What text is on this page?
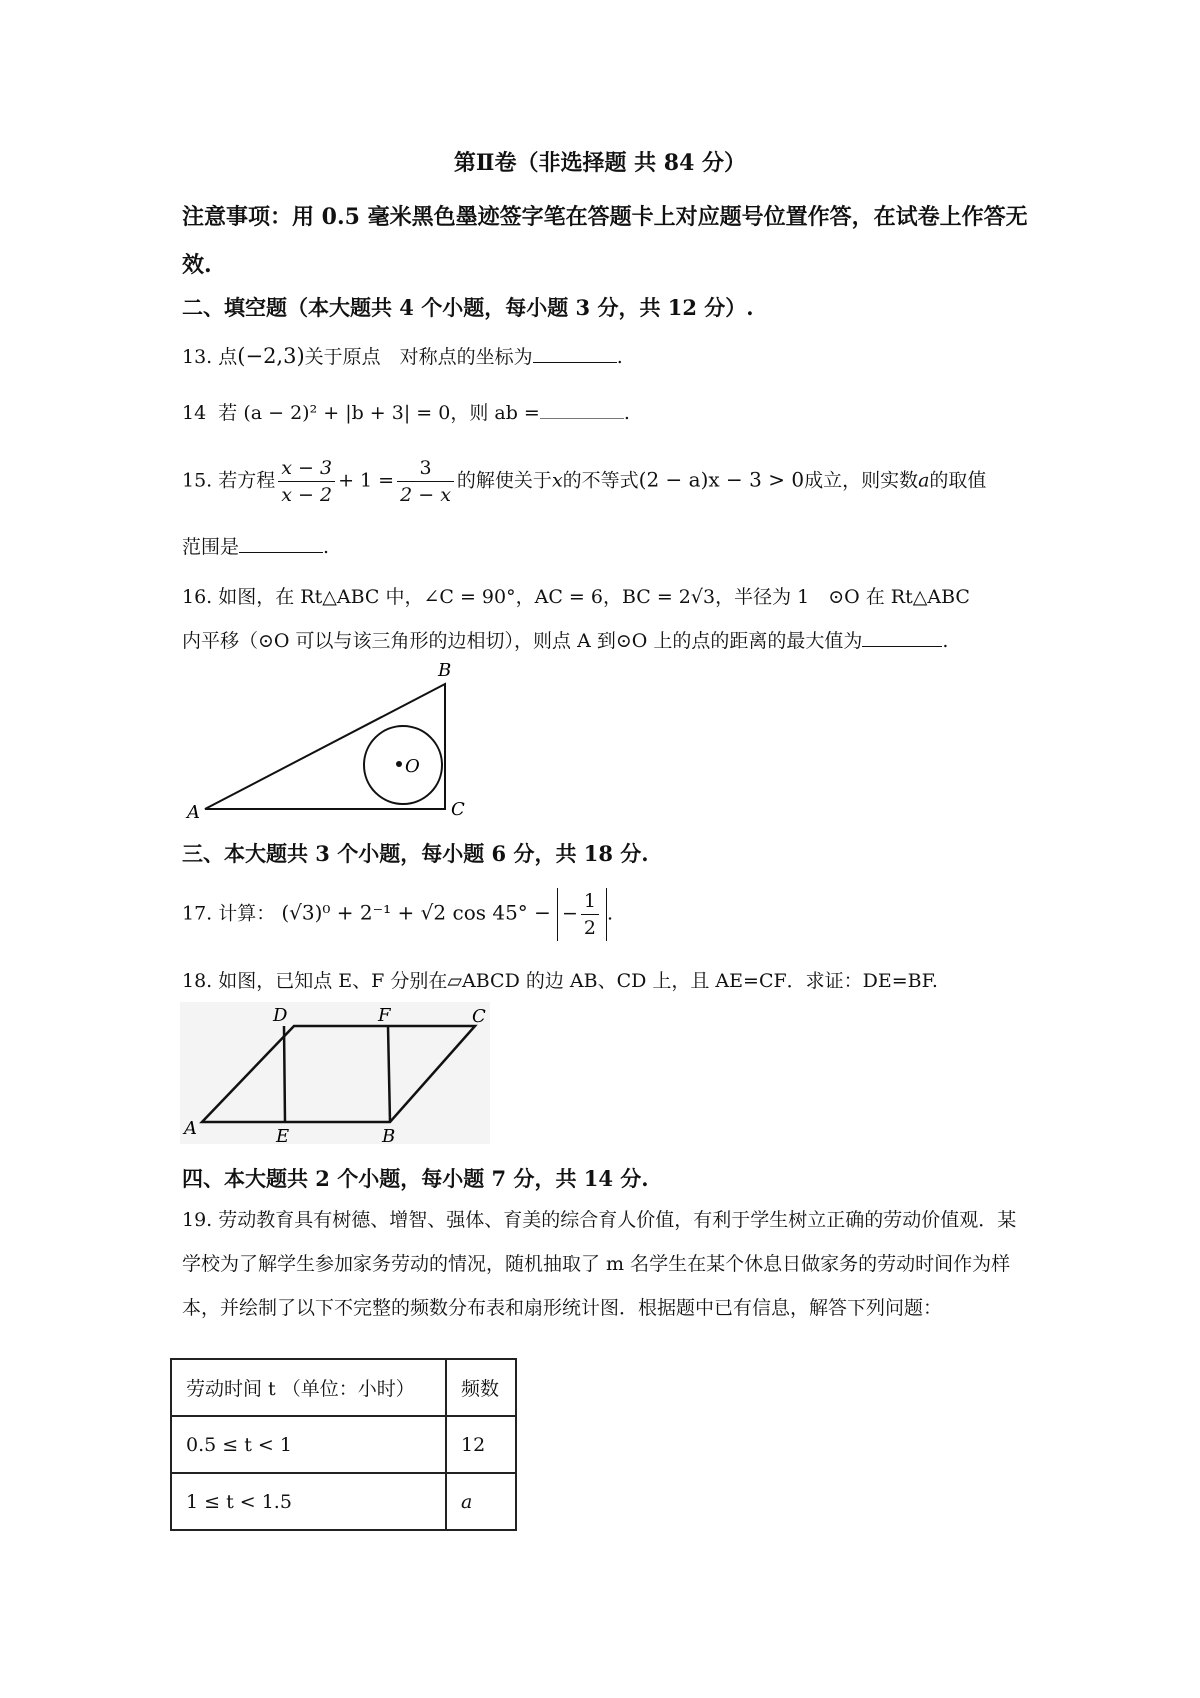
第Ⅱ卷（非选择题 共 84 分）
注意事项：用 0.5 毫米黑色墨迹签字笔在答题卡上对应题号位置作答，在试卷上作答无效.
二、填空题（本大题共 4 个小题，每小题 3 分，共 12 分）.
13. 点(−2,3)关于原点　对称点的坐标为	.
14 若 (a − 2)² + |b + 3| = 0，则 ab =	.
15. 若方程 $\frac{x - 3}{x - 2} + 1 = \frac{3}{2 - x}$ 的解使关于x的不等式(2 − a)x − 3 > 0成立，则实数a的取值
范围是	.
16. 如图，在 Rt△ABC 中，∠C = 90°，AC = 6，BC = 2√3，半径为 1　⊙O 在 Rt△ABC
内平移（⊙O 可以与该三角形的边相切），则点 A 到⊙O 上的点的距离的最大值为	.
A
B
C
O
三、本大题共 3 个小题，每小题 6 分，共 18 分.
17. 计算： (√3)⁰ + 2⁻¹ + √2 cos 45° − − $\frac{1}{2}$ .
18. 如图，已知点 E、F 分别在▱ABCD 的边 AB、CD 上，且 AE=CF．求证：DE=BF.
D	F	C
A	E	B
四、本大题共 2 个小题，每小题 7 分，共 14 分.
19. 劳动教育具有树德、增智、强体、育美的综合育人价值，有利于学生树立正确的劳动价值观．某学校为了解学生参加家务劳动的情况，随机抽取了 m 名学生在某个休息日做家务的劳动时间作为样本，并绘制了以下不完整的频数分布表和扇形统计图．根据题中已有信息，解答下列问题：
劳动时间 t （单位：小时）	频数
0.5 ≤ t < 1	12
1 ≤ t < 1.5	a
